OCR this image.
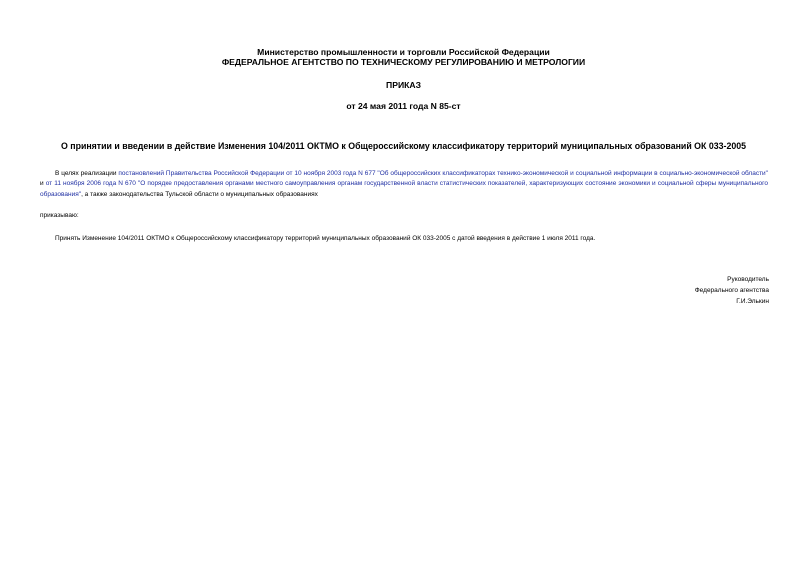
Министерство промышленности и торговли Российской Федерации
ФЕДЕРАЛЬНОЕ АГЕНТСТВО ПО ТЕХНИЧЕСКОМУ РЕГУЛИРОВАНИЮ И МЕТРОЛОГИИ
ПРИКАЗ
от 24 мая 2011 года N 85-ст
О принятии и введении в действие Изменения 104/2011 ОКТМО к Общероссийскому классификатору территорий муниципальных образований ОК 033-2005
В целях реализации постановлений Правительства Российской Федерации от 10 ноября 2003 года N 677 "Об общероссийских классификаторах технико-экономической и социальной информации в социально-экономической области" и от 11 ноября 2006 года N 670 "О порядке предоставления органами местного самоуправления органам государственной власти статистических показателей, характеризующих состояние экономики и социальной сферы муниципального образования", а также законодательства Тульской области о муниципальных образованиях
приказываю:
Принять Изменение 104/2011 ОКТМО к Общероссийскому классификатору территорий муниципальных образований ОК 033-2005 с датой введения в действие 1 июля 2011 года.
Руководитель
Федерального агентства
Г.И.Элькин
